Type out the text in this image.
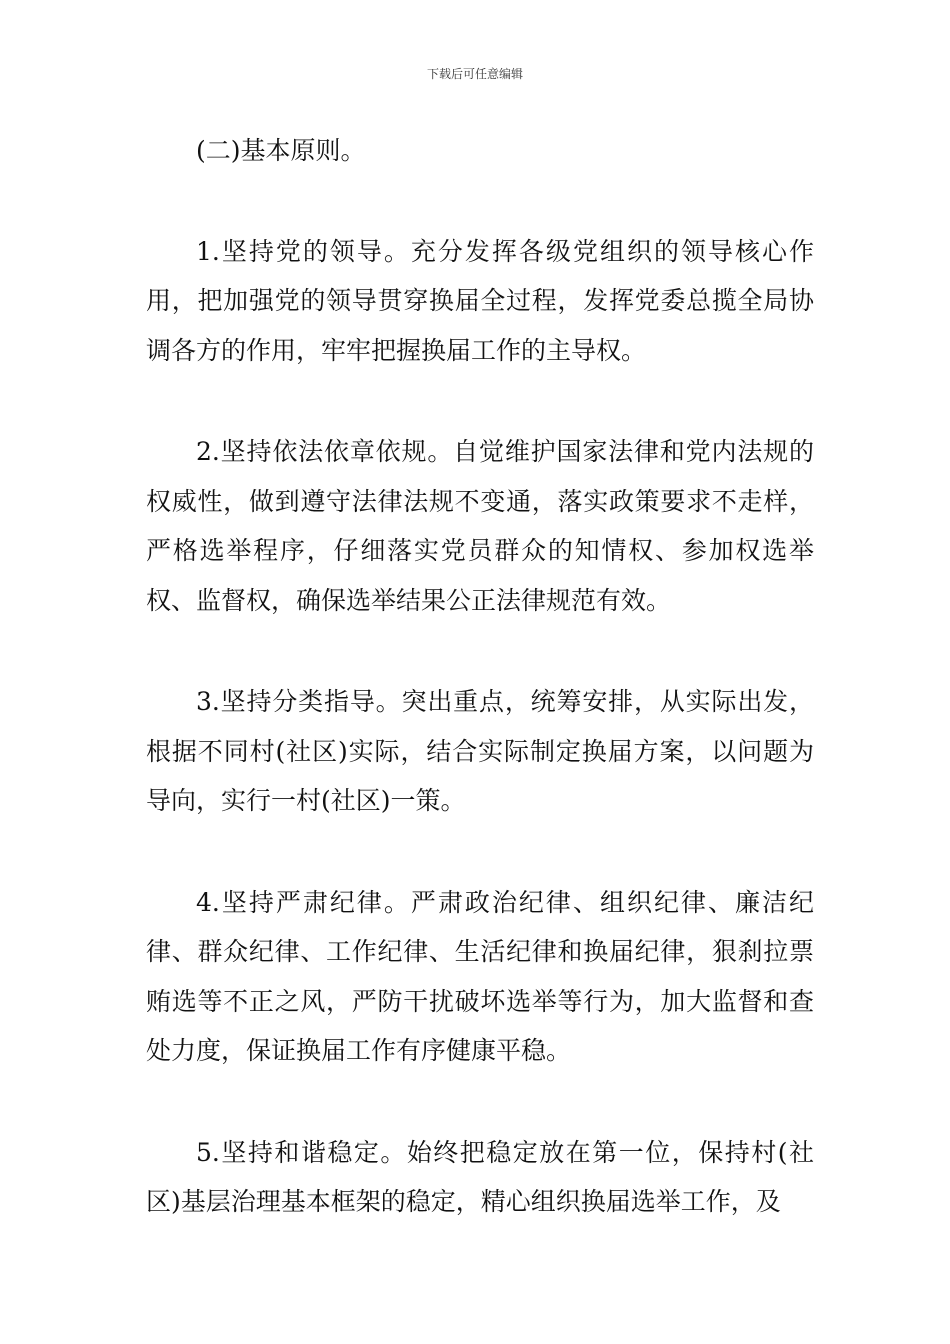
下载后可任意编辑

(二)基本原则。

1.坚持党的领导。充分发挥各级党组织的领导核心作用，把加强党的领导贯穿换届全过程，发挥党委总揽全局协调各方的作用，牢牢把握换届工作的主导权。

2.坚持依法依章依规。自觉维护国家法律和党内法规的权威性，做到遵守法律法规不变通，落实政策要求不走样，严格选举程序，仔细落实党员群众的知情权、参加权选举权、监督权，确保选举结果公正法律规范有效。

3.坚持分类指导。突出重点，统筹安排，从实际出发，根据不同村(社区)实际，结合实际制定换届方案，以问题为导向，实行一村(社区)一策。

4.坚持严肃纪律。严肃政治纪律、组织纪律、廉洁纪律、群众纪律、工作纪律、生活纪律和换届纪律，狠刹拉票贿选等不正之风，严防干扰破坏选举等行为，加大监督和查处力度，保证换届工作有序健康平稳。

5.坚持和谐稳定。始终把稳定放在第一位，保持村(社区)基层治理基本框架的稳定，精心组织换届选举工作，及
